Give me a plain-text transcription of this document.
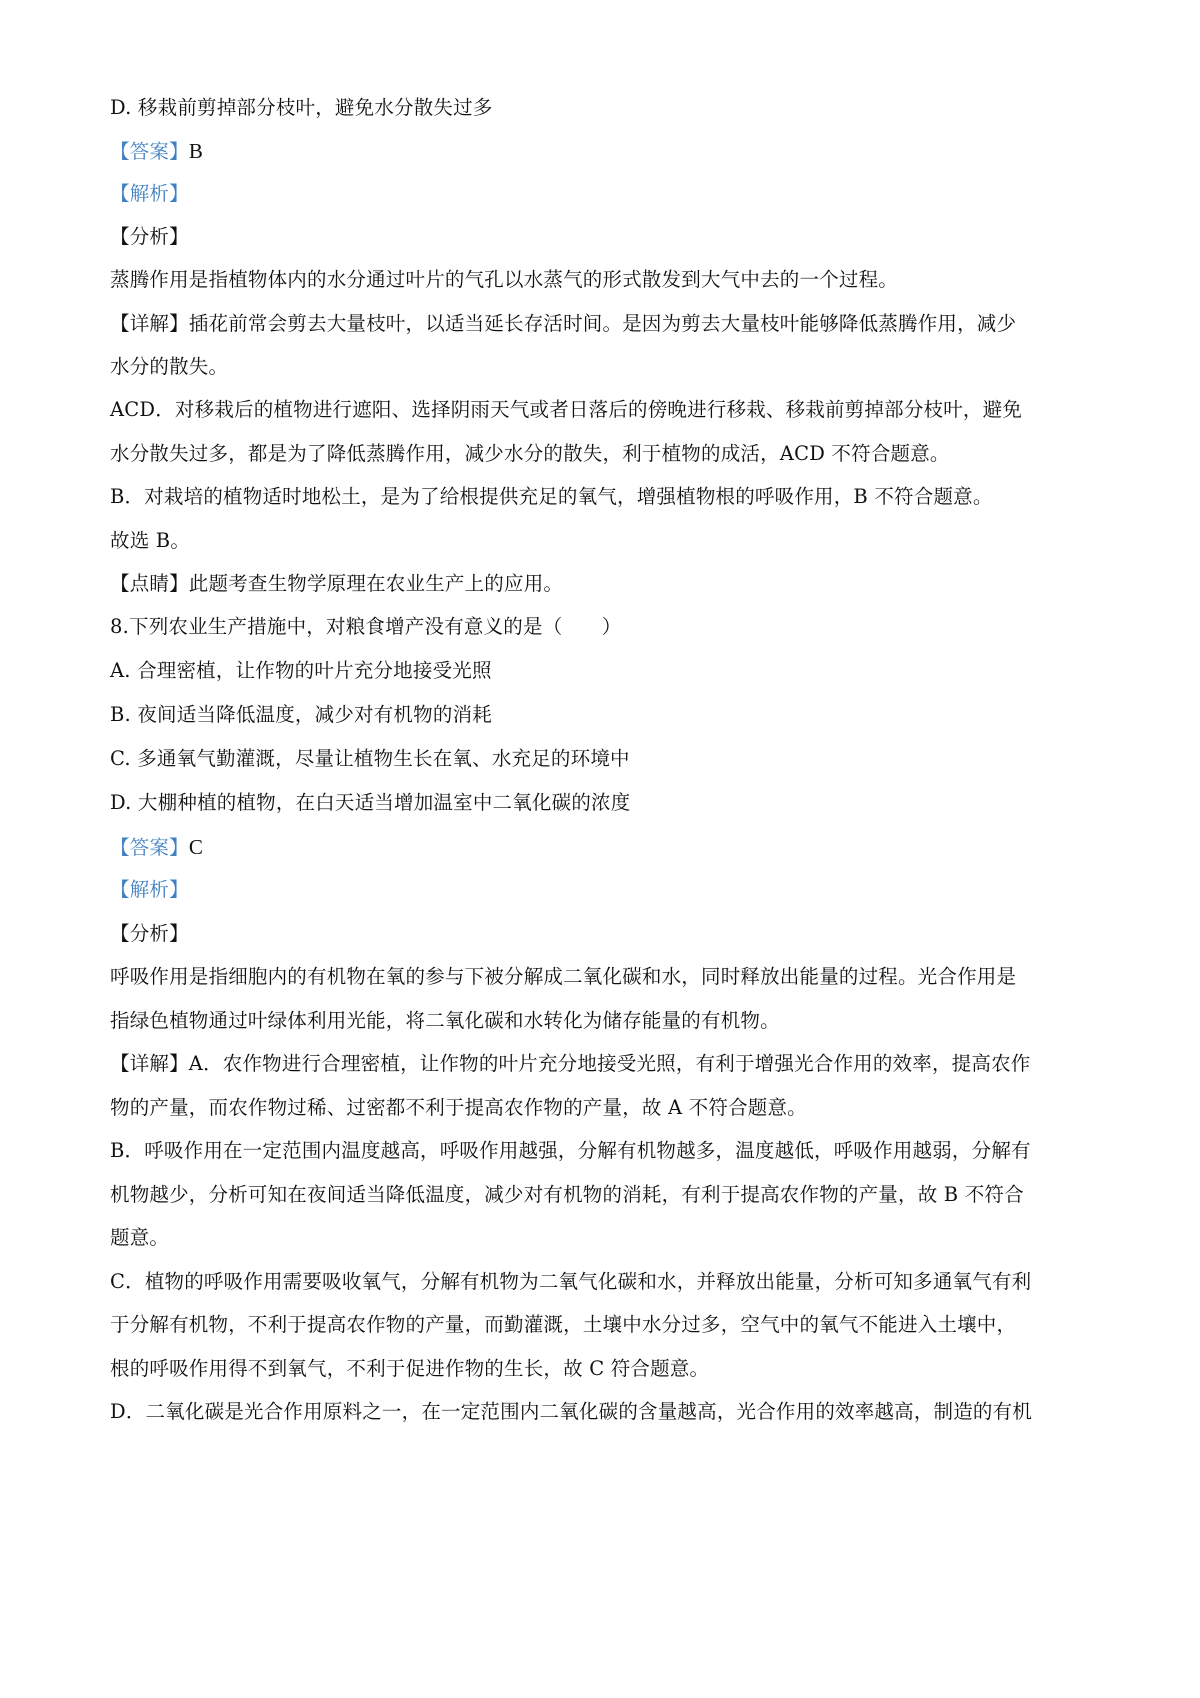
D. 移栽前剪掉部分枝叶，避免水分散失过多
【答案】B
【解析】
【分析】
蒸腾作用是指植物体内的水分通过叶片的气孔以水蒸气的形式散发到大气中去的一个过程。
【详解】插花前常会剪去大量枝叶，以适当延长存活时间。是因为剪去大量枝叶能够降低蒸腾作用，减少
水分的散失。
ACD．对移栽后的植物进行遮阳、选择阴雨天气或者日落后的傍晚进行移栽、移栽前剪掉部分枝叶，避免
水分散失过多，都是为了降低蒸腾作用，减少水分的散失，利于植物的成活，ACD 不符合题意。
B．对栽培的植物适时地松土，是为了给根提供充足的氧气，增强植物根的呼吸作用，B 不符合题意。
故选 B。
【点睛】此题考查生物学原理在农业生产上的应用。
8.下列农业生产措施中，对粮食增产没有意义的是（　　）
A. 合理密植，让作物的叶片充分地接受光照
B. 夜间适当降低温度，减少对有机物的消耗
C. 多通氧气勤灌溉，尽量让植物生长在氧、水充足的环境中
D. 大棚种植的植物，在白天适当增加温室中二氧化碳的浓度
【答案】C
【解析】
【分析】
呼吸作用是指细胞内的有机物在氧的参与下被分解成二氧化碳和水，同时释放出能量的过程。光合作用是
指绿色植物通过叶绿体利用光能，将二氧化碳和水转化为储存能量的有机物。
【详解】A．农作物进行合理密植，让作物的叶片充分地接受光照，有利于增强光合作用的效率，提高农作
物的产量，而农作物过稀、过密都不利于提高农作物的产量，故 A 不符合题意。
B．呼吸作用在一定范围内温度越高，呼吸作用越强，分解有机物越多，温度越低，呼吸作用越弱，分解有
机物越少，分析可知在夜间适当降低温度，减少对有机物的消耗，有利于提高农作物的产量，故 B 不符合
题意。
C．植物的呼吸作用需要吸收氧气，分解有机物为二氧气化碳和水，并释放出能量，分析可知多通氧气有利
于分解有机物，不利于提高农作物的产量，而勤灌溉，土壤中水分过多，空气中的氧气不能进入土壤中，
根的呼吸作用得不到氧气，不利于促进作物的生长，故 C 符合题意。
D．二氧化碳是光合作用原料之一，在一定范围内二氧化碳的含量越高，光合作用的效率越高，制造的有机
